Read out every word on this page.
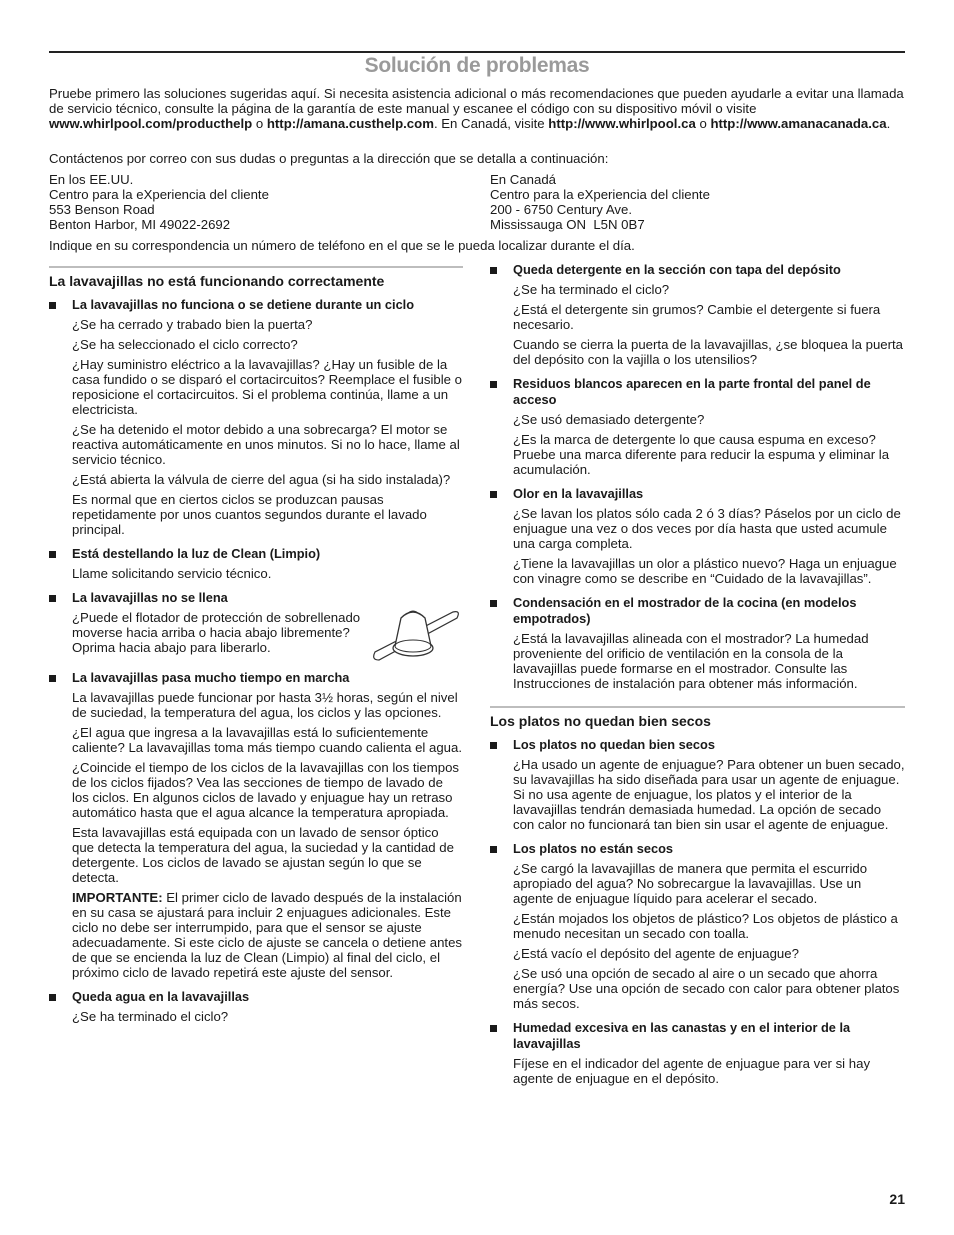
Solución de problemas

Pruebe primero las soluciones sugeridas aquí. Si necesita asistencia adicional o más recomendaciones que pueden ayudarle a evitar una llamada de servicio técnico, consulte la página de la garantía de este manual y escanee el código con su dispositivo móvil o visite www.whirlpool.com/producthelp o http://amana.custhelp.com. En Canadá, visite http://www.whirlpool.ca o http://www.amanacanada.ca.

Contáctenos por correo con sus dudas o preguntas a la dirección que se detalla a continuación:
En los EE.UU.
Centro para la eXperiencia del cliente
553 Benson Road
Benton Harbor, MI 49022-2692
En Canadá
Centro para la eXperiencia del cliente
200 - 6750 Century Ave.
Mississauga ON  L5N 0B7
Indique en su correspondencia un número de teléfono en el que se le pueda localizar durante el día.
La lavavajillas no está funcionando correctamente
La lavavajillas no funciona o se detiene durante un ciclo

¿Se ha cerrado y trabado bien la puerta?

¿Se ha seleccionado el ciclo correcto?

¿Hay suministro eléctrico a la lavavajillas? ¿Hay un fusible de la casa fundido o se disparó el cortacircuitos? Reemplace el fusible o reposicione el cortacircuitos. Si el problema continúa, llame a un electricista.

¿Se ha detenido el motor debido a una sobrecarga? El motor se reactiva automáticamente en unos minutos. Si no lo hace, llame al servicio técnico.

¿Está abierta la válvula de cierre del agua (si ha sido instalada)?

Es normal que en ciertos ciclos se produzcan pausas repetidamente por unos cuantos segundos durante el lavado principal.

Está destellando la luz de Clean (Limpio)

Llame solicitando servicio técnico.

La lavavajillas no se llena

¿Puede el flotador de protección de sobrellenado moverse hacia arriba o hacia abajo libremente? Oprima hacia abajo para liberarlo.

La lavavajillas pasa mucho tiempo en marcha

La lavavajillas puede funcionar por hasta 3½ horas, según el nivel de suciedad, la temperatura del agua, los ciclos y las opciones.

¿El agua que ingresa a la lavavajillas está lo suficientemente caliente? La lavavajillas toma más tiempo cuando calienta el agua.

¿Coincide el tiempo de los ciclos de la lavavajillas con los tiempos de los ciclos fijados? Vea las secciones de tiempo de lavado de los ciclos. En algunos ciclos de lavado y enjuague hay un retraso automático hasta que el agua alcance la temperatura apropiada.

Esta lavavajillas está equipada con un lavado de sensor óptico que detecta la temperatura del agua, la suciedad y la cantidad de detergente. Los ciclos de lavado se ajustan según lo que se detecta.

IMPORTANTE: El primer ciclo de lavado después de la instalación en su casa se ajustará para incluir 2 enjuagues adicionales. Este ciclo no debe ser interrumpido, para que el sensor se ajuste adecuadamente. Si este ciclo de ajuste se cancela o detiene antes de que se encienda la luz de Clean (Limpio) al final del ciclo, el próximo ciclo de lavado repetirá este ajuste del sensor.

Queda agua en la lavavajillas

¿Se ha terminado el ciclo?

Queda detergente en la sección con tapa del depósito

¿Se ha terminado el ciclo?

¿Está el detergente sin grumos? Cambie el detergente si fuera necesario.

Cuando se cierra la puerta de la lavavajillas, ¿se bloquea la puerta del depósito con la vajilla o los utensilios?

Residuos blancos aparecen en la parte frontal del panel de acceso

¿Se usó demasiado detergente?

¿Es la marca de detergente lo que causa espuma en exceso? Pruebe una marca diferente para reducir la espuma y eliminar la acumulación.

Olor en la lavavajillas

¿Se lavan los platos sólo cada 2 ó 3 días? Páselos por un ciclo de enjuague una vez o dos veces por día hasta que usted acumule una carga completa.

¿Tiene la lavavajillas un olor a plástico nuevo? Haga un enjuague con vinagre como se describe en “Cuidado de la lavavajillas”.

Condensación en el mostrador de la cocina (en modelos empotrados)

¿Está la lavavajillas alineada con el mostrador? La humedad proveniente del orificio de ventilación en la consola de la lavavajillas puede formarse en el mostrador. Consulte las Instrucciones de instalación para obtener más información.

Los platos no quedan bien secos
Los platos no quedan bien secos

¿Ha usado un agente de enjuague? Para obtener un buen secado, su lavavajillas ha sido diseñada para usar un agente de enjuague. Si no usa agente de enjuague, los platos y el interior de la lavavajillas tendrán demasiada humedad. La opción de secado con calor no funcionará tan bien sin usar el agente de enjuague.

Los platos no están secos

¿Se cargó la lavavajillas de manera que permita el escurrido apropiado del agua? No sobrecargue la lavavajillas. Use un agente de enjuague líquido para acelerar el secado.

¿Están mojados los objetos de plástico? Los objetos de plástico a menudo necesitan un secado con toalla.

¿Está vacío el depósito del agente de enjuague?

¿Se usó una opción de secado al aire o un secado que ahorra energía? Use una opción de secado con calor para obtener platos más secos.

Humedad excesiva en las canastas y en el interior de la lavavajillas

Fíjese en el indicador del agente de enjuague para ver si hay agente de enjuague en el depósito.

21
